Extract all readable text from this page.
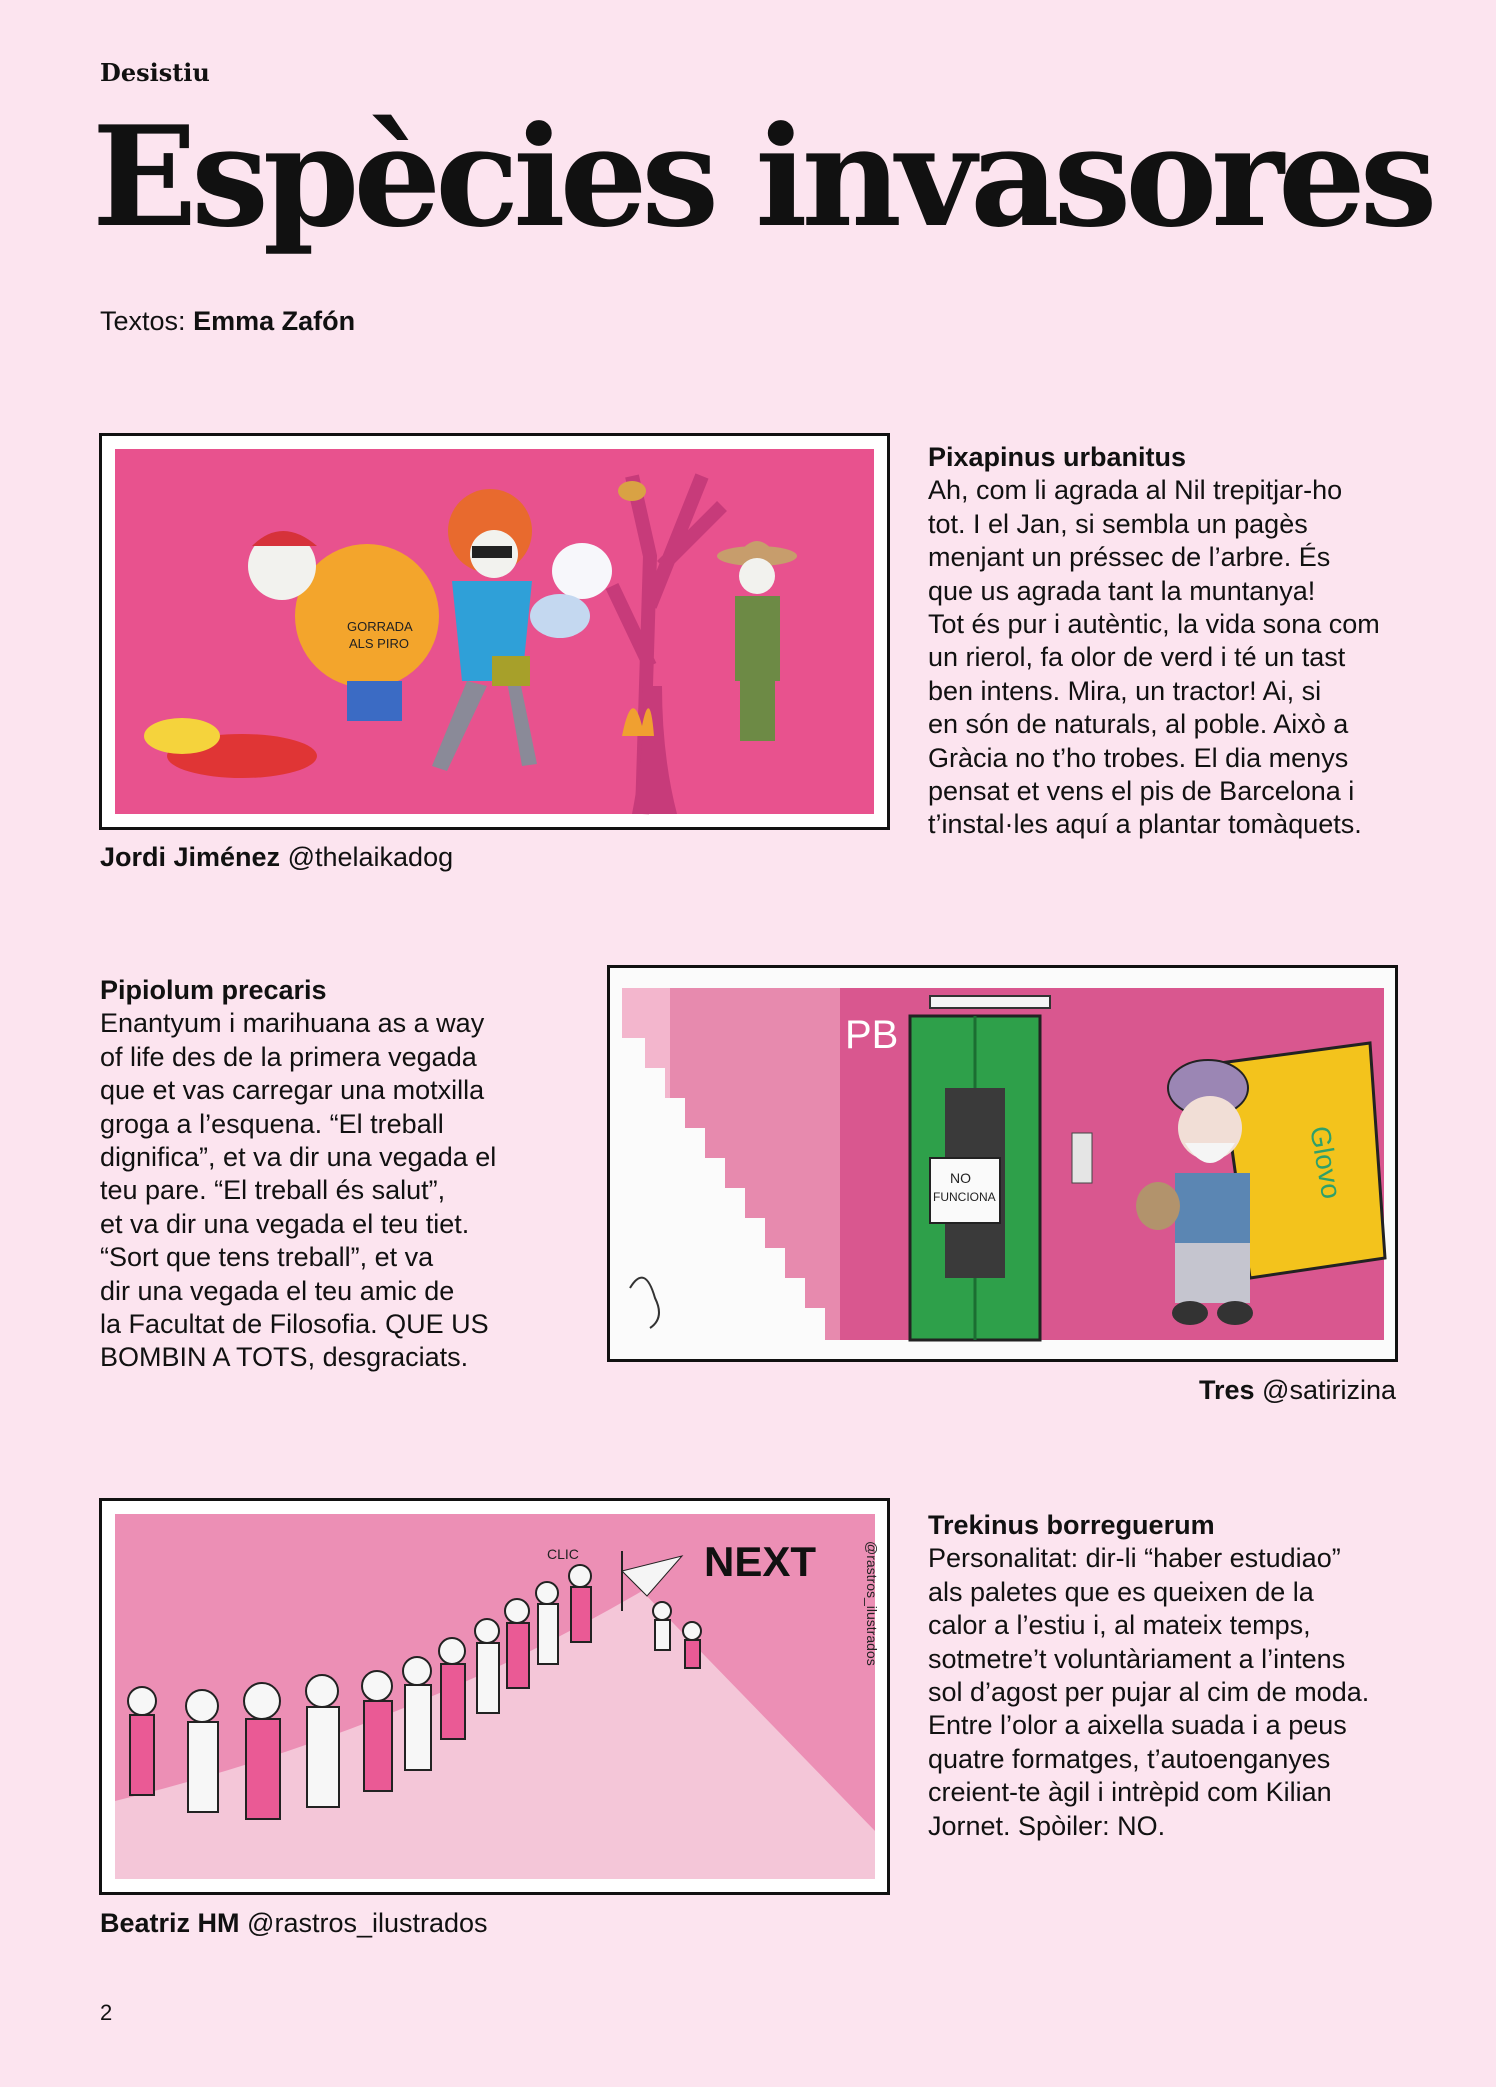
Desistiu
Espècies invasores
Textos: Emma Zafón
GORRADA
ALS PIRO
Jordi Jiménez @thelaikadog
Pixapinus urbanitus
Ah, com li agrada al Nil trepitjar-ho
tot. I el Jan, si sembla un pagès
menjant un préssec de l’arbre. És
que us agrada tant la muntanya!
Tot és pur i autèntic, la vida sona com
un rierol, fa olor de verd i té un tast
ben intens. Mira, un tractor! Ai, si
en són de naturals, al poble. Això a
Gràcia no t’ho trobes. El dia menys
pensat et vens el pis de Barcelona i
t’instal·les aquí a plantar tomàquets.
Pipiolum precaris
Enantyum i marihuana as a way
of life des de la primera vegada
que et vas carregar una motxilla
groga a l’esquena. “El treball
dignifica”, et va dir una vegada el
teu pare. “El treball és salut”,
et va dir una vegada el teu tiet.
“Sort que tens treball”, et va
dir una vegada el teu amic de
la Facultat de Filosofia. QUE US
BOMBIN A TOTS, desgraciats.
PB
NO
FUNCIONA	Glovo
Tres @satirizina
CLIC	NEXT	@rastros_ilustrados
Beatriz HM @rastros_ilustrados
Trekinus borreguerum
Personalitat: dir-li “haber estudiao”
als paletes que es queixen de la
calor a l’estiu i, al mateix temps,
sotmetre’t voluntàriament a l’intens
sol d’agost per pujar al cim de moda.
Entre l’olor a aixella suada i a peus
quatre formatges, t’autoenganyes
creient-te àgil i intrèpid com Kilian
Jornet. Spòiler: NO.
2
